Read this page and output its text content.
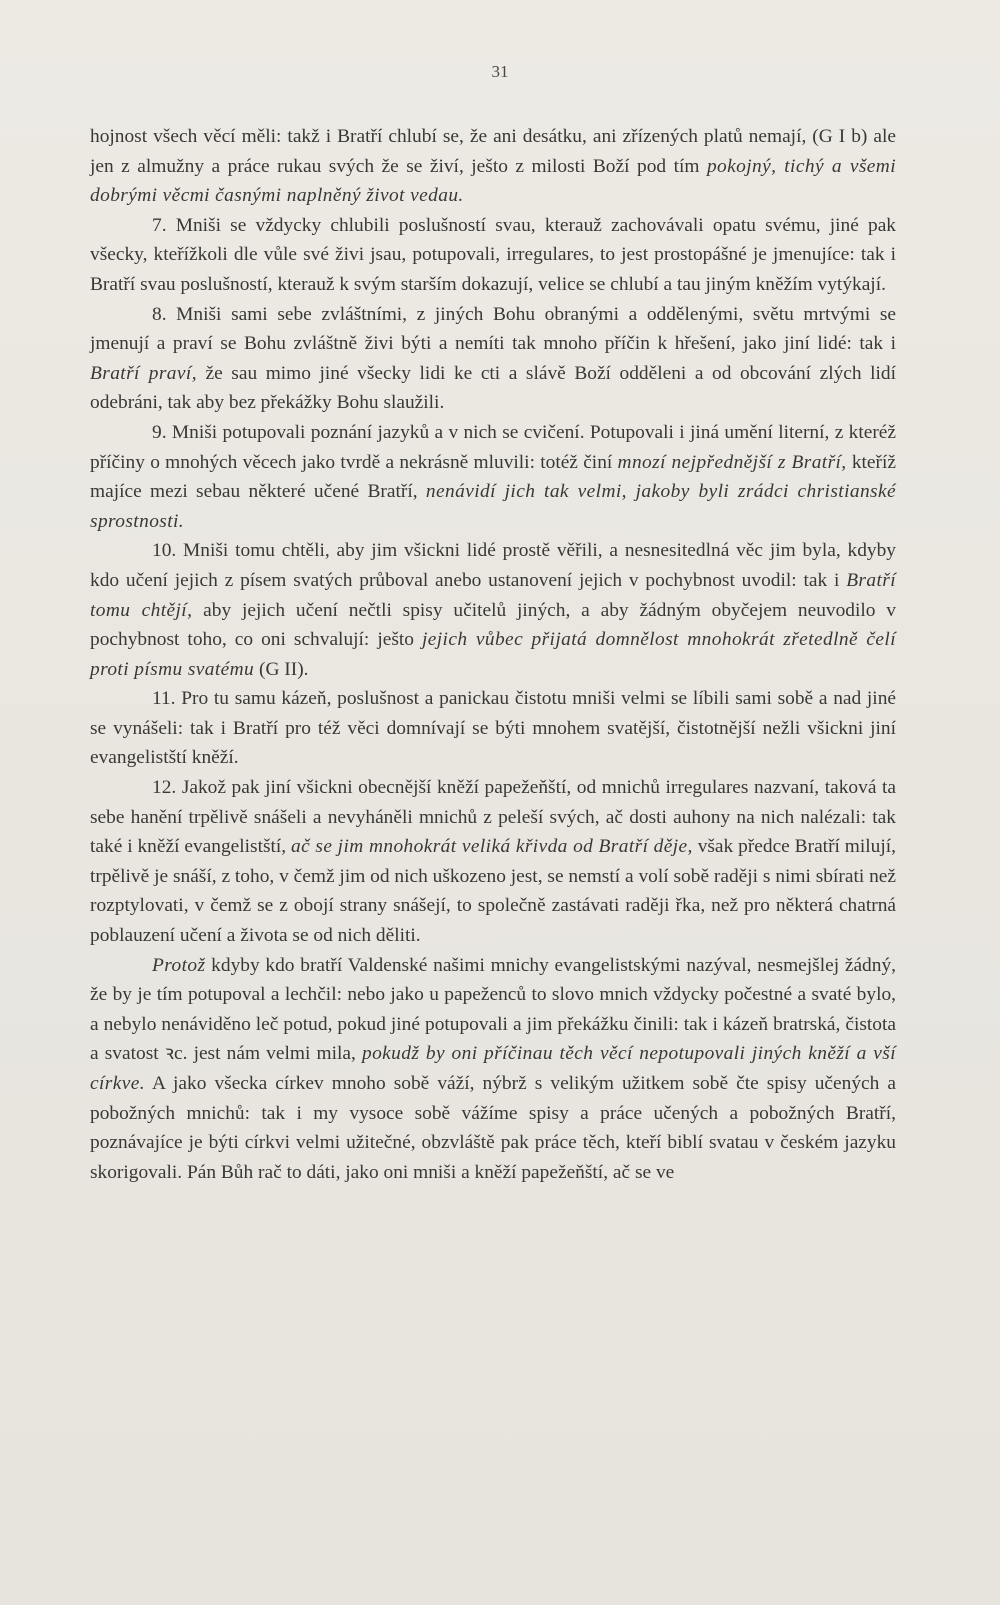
31

hojnost všech věcí měli: takž i Bratří chlubí se, že ani desátku, ani zřízených platů nemají, (G I b) ale jen z almužny a práce rukau svých že se živí, ješto z milosti Boží pod tím pokojný, tichý a všemi dobrými věcmi časnými naplněný život vedau.

7. Mniši se vždycky chlubili poslušností svau, kterauž zachovávali opatu svému, jiné pak všecky, kteřížkoli dle vůle své živi jsau, potupovali, irregulares, to jest prostopášné je jmenujíce: tak i Bratří svau poslušností, kterauž k svým starším dokazují, velice se chlubí a tau jiným kněžím vytýkají.

8. Mniši sami sebe zvláštními, z jiných Bohu obranými a oddělenými, světu mrtvými se jmenují a praví se Bohu zvláštně živi býti a nemíti tak mnoho příčin k hřešení, jako jiní lidé: tak i Bratří praví, že sau mimo jiné všecky lidi ke cti a slávě Boží odděleni a od obcování zlých lidí odebráni, tak aby bez překážky Bohu slaužili.

9. Mniši potupovali poznání jazyků a v nich se cvičení. Potupovali i jiná umění literní, z kteréž příčiny o mnohých věcech jako tvrdě a nekrásně mluvili: totéž činí mnozí nejpřednější z Bratří, kteříž majíce mezi sebau některé učené Bratří, nenávidí jich tak velmi, jakoby byli zrádci christianské sprostnosti.

10. Mniši tomu chtěli, aby jim všickni lidé prostě věřili, a nesnesitedlná věc jim byla, kdyby kdo učení jejich z písem svatých průboval anebo ustanovení jejich v pochybnost uvodil: tak i Bratří tomu chtějí, aby jejich učení nečtli spisy učitelů jiných, a aby žádným obyčejem neuvodilo v pochybnost toho, co oni schvalují: ješto jejich vůbec přijatá domnělost mnohokrát zřetedlně čelí proti písmu svatému (G II).

11. Pro tu samu kázeň, poslušnost a panickau čistotu mniši velmi se líbili sami sobě a nad jiné se vynášeli: tak i Bratří pro též věci domnívají se býti mnohem svatější, čistotnější nežli všickni jiní evangelistští kněží.

12. Jakož pak jiní všickni obecnější kněží papežeňští, od mnichů irregulares nazvaní, taková ta sebe hanění trpělivě snášeli a nevyháněli mnichů z peleší svých, ač dosti auhony na nich nalézali: tak také i kněží evangelistští, ač se jim mnohokrát veliká křivda od Bratří děje, však předce Bratří milují, trpělivě je snáší, z toho, v čemž jim od nich uškozeno jest, se nemstí a volí sobě raději s nimi sbírati než rozptylovati, v čemž se z obojí strany snášejí, to společně zastávati raději řka, než pro některá chatrná poblauzení učení a života se od nich děliti.

Protož kdyby kdo bratří Valdenské našimi mnichy evangelistskými nazýval, nesmejšlej žádný, že by je tím potupoval a lechčil: nebo jako u papeženců to slovo mnich vždycky počestné a svaté bylo, a nebylo nenáviděno leč potud, pokud jiné potupovali a jim překážku činili: tak i kázeň bratrská, čistota a svatost ꝛc. jest nám velmi mila, pokudž by oni příčinau těch věcí nepotupovali jiných kněží a vší církve. A jako všecka církev mnoho sobě váží, nýbrž s velikým užitkem sobě čte spisy učených a pobožných mnichů: tak i my vysoce sobě vážíme spisy a práce učených a pobožných Bratří, poznávajíce je býti církvi velmi užitečné, obzvláště pak práce těch, kteří biblí svatau v českém jazyku skorigovali. Pán Bůh rač to dáti, jako oni mniši a kněží papežeňští, ač se ve
